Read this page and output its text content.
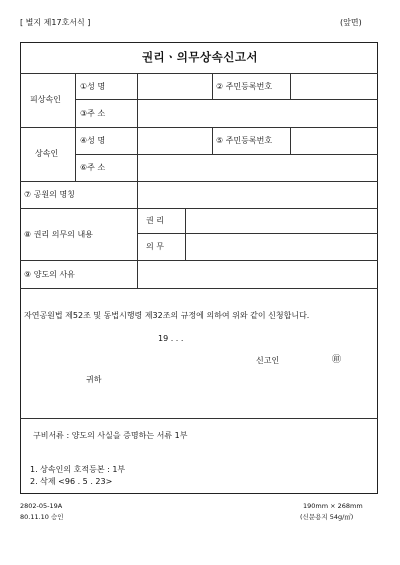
[ 별지 제17호서식 ]	(앞면)
권리ㆍ의무상속신고서
피상속인
①성 명	② 주민등록번호
③주 소
상속인
④성 명	⑤ 주민등록번호
⑥주 소
⑦ 공원의 명칭
⑧ 권리 의무의 내용
권 리
의 무
⑨ 양도의 사유
자연공원법 제52조 및 동법시행령 제32조의 규정에 의하여 위와 같이 신청합니다.
19 . . .
신고인	㊞
귀하
구비서류 : 양도의 사실을 증명하는 서류 1부
1. 상속인의 호적등본 : 1부
2. 삭제 <96 . 5 . 23>
2802-05-19A
80.11.10 승인
190mm × 268mm
(신문용지 54g/㎡)
